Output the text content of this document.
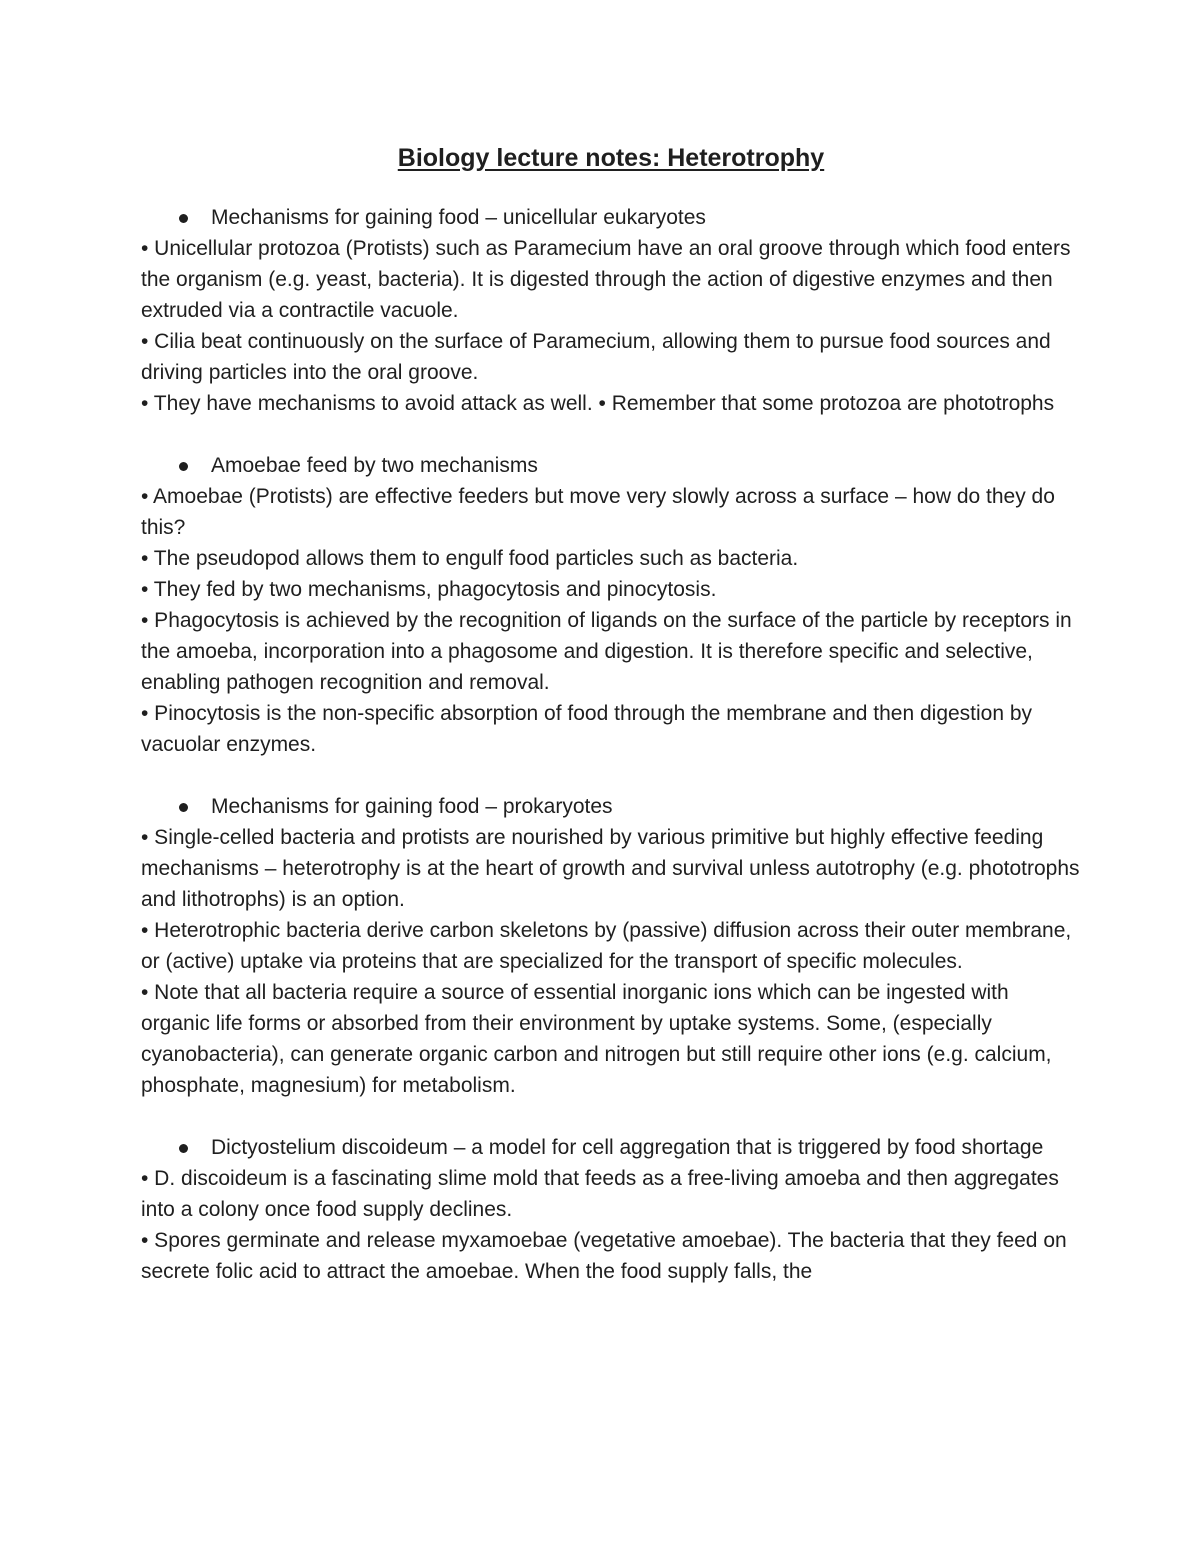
Biology lecture notes: Heterotrophy
Mechanisms for gaining food – unicellular eukaryotes

• Unicellular protozoa (Protists) such as Paramecium have an oral groove through which food enters the organism (e.g. yeast, bacteria). It is digested through the action of digestive enzymes and then extruded via a contractile vacuole.

• Cilia beat continuously on the surface of Paramecium, allowing them to pursue food sources and driving particles into the oral groove.

• They have mechanisms to avoid attack as well. • Remember that some protozoa are phototrophs

Amoebae feed by two mechanisms

• Amoebae (Protists) are effective feeders but move very slowly across a surface – how do they do this?

• The pseudopod allows them to engulf food particles such as bacteria.

• They fed by two mechanisms, phagocytosis and pinocytosis.

• Phagocytosis is achieved by the recognition of ligands on the surface of the particle by receptors in the amoeba, incorporation into a phagosome and digestion. It is therefore specific and selective, enabling pathogen recognition and removal.

• Pinocytosis is the non-specific absorption of food through the membrane and then digestion by vacuolar enzymes.

Mechanisms for gaining food – prokaryotes

• Single-celled bacteria and protists are nourished by various primitive but highly effective feeding mechanisms – heterotrophy is at the heart of growth and survival unless autotrophy (e.g. phototrophs and lithotrophs) is an option.

• Heterotrophic bacteria derive carbon skeletons by (passive) diffusion across their outer membrane, or (active) uptake via proteins that are specialized for the transport of specific molecules.

• Note that all bacteria require a source of essential inorganic ions which can be ingested with organic life forms or absorbed from their environment by uptake systems. Some, (especially cyanobacteria), can generate organic carbon and nitrogen but still require other ions (e.g. calcium, phosphate, magnesium) for metabolism.

Dictyostelium discoideum – a model for cell aggregation that is triggered by food shortage

• D. discoideum is a fascinating slime mold that feeds as a free-living amoeba and then aggregates into a colony once food supply declines.

• Spores germinate and release myxamoebae (vegetative amoebae). The bacteria that they feed on secrete folic acid to attract the amoebae. When the food supply falls, the
